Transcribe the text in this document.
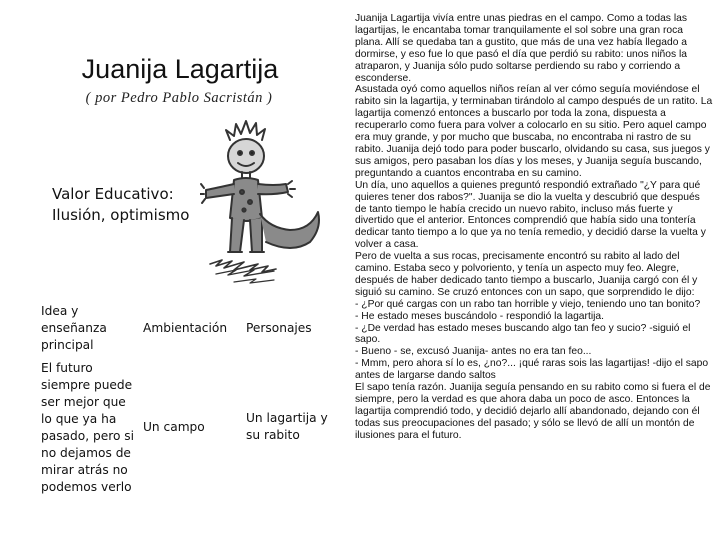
Juanija Lagartija
( por Pedro Pablo Sacristán )
Valor Educativo:
Ilusión, optimismo
Idea y enseñanza principal
Ambientación	Personajes
El futuro siempre puede ser mejor que lo que ya ha pasado, pero si no dejamos de mirar atrás no podemos verlo
Un campo
Un lagartija y su rabito

Juanija Lagartija vivía entre unas piedras en el campo. Como a todas las lagartijas, le encantaba tomar tranquilamente el sol sobre una gran roca plana. Allí se quedaba tan a gustito, que más de una vez había llegado a dormirse, y eso fue lo que pasó el día que perdió su rabito: unos niños la atraparon, y Juanija sólo pudo soltarse perdiendo su rabo y corriendo a esconderse.

Asustada oyó como aquellos niños reían al ver cómo seguía moviéndose el rabito sin la lagartija, y terminaban tirándolo al campo después de un ratito. La lagartija comenzó entonces a buscarlo por toda la zona, dispuesta a recuperarlo como fuera para volver a colocarlo en su sitio. Pero aquel campo era muy grande, y por mucho que buscaba, no encontraba ni rastro de su rabito. Juanija dejó todo para poder buscarlo, olvidando su casa, sus juegos y sus amigos, pero pasaban los días y los meses, y Juanija seguía buscando, preguntando a cuantos encontraba en su camino.

Un día, uno aquellos a quienes preguntó respondió extrañado "¿Y para qué quieres tener dos rabos?". Juanija se dio la vuelta y descubrió que después de tanto tiempo le había crecido un nuevo rabito, incluso más fuerte y divertido que el anterior. Entonces comprendió que había sido una tontería dedicar tanto tiempo a lo que ya no tenía remedio, y decidió darse la vuelta y volver a casa.

Pero de vuelta a sus rocas, precisamente encontró su rabito al lado del camino. Estaba seco y polvoriento, y tenía un aspecto muy feo. Alegre, después de haber dedicado tanto tiempo a buscarlo, Juanija cargó con él y siguió su camino. Se cruzó entonces con un sapo, que sorprendido le dijo:

- ¿Por qué cargas con un rabo tan horrible y viejo, teniendo uno tan bonito?

- He estado meses buscándolo - respondió la lagartija.

- ¿De verdad has estado meses buscando algo tan feo y sucio? -siguió el sapo.

- Bueno - se, excusó Juanija- antes no era tan feo...

- Mmm, pero ahora sí lo es, ¿no?... ¡qué raras sois las lagartijas! -dijo el sapo antes de largarse dando saltos

El sapo tenía razón. Juanija seguía pensando en su rabito como si fuera el de siempre, pero la verdad es que ahora daba un poco de asco. Entonces la lagartija comprendió todo, y decidió dejarlo allí abandonado, dejando con él todas sus preocupaciones del pasado; y sólo se llevó de allí un montón de ilusiones para el futuro.
